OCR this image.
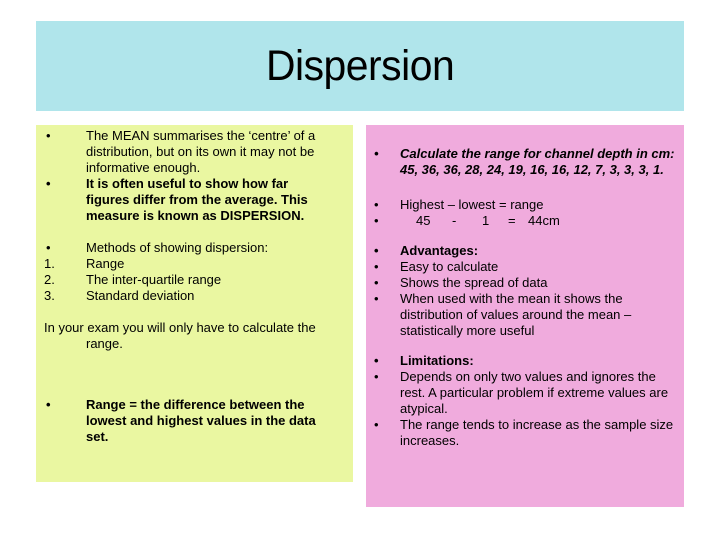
Dispersion
•	The MEAN summarises the ‘centre’ of a distribution, but on its own it may not be informative enough.
•	It is often useful to show how far figures differ from the average. This measure is known as DISPERSION.
•	Methods of showing dispersion:
1.	Range
2.	The inter-quartile range
3.	Standard deviation
In your exam you will only have to calculate the range.
•	Range = the difference between the lowest and highest values in the data set.
•	Calculate the range for channel depth in cm: 45, 36, 36, 28, 24, 19, 16, 16, 12, 7, 3, 3, 3, 1.
•	Highest – lowest = range
•	45	-	1	= 44cm
•	Advantages:
•	Easy to calculate
•	Shows the spread of data
•	When used with the mean it shows the distribution of values around the mean – statistically more useful
•	Limitations:
•	Depends on only two values and ignores the rest. A particular problem if extreme values are atypical.
•	The range tends to increase as the sample size increases.
